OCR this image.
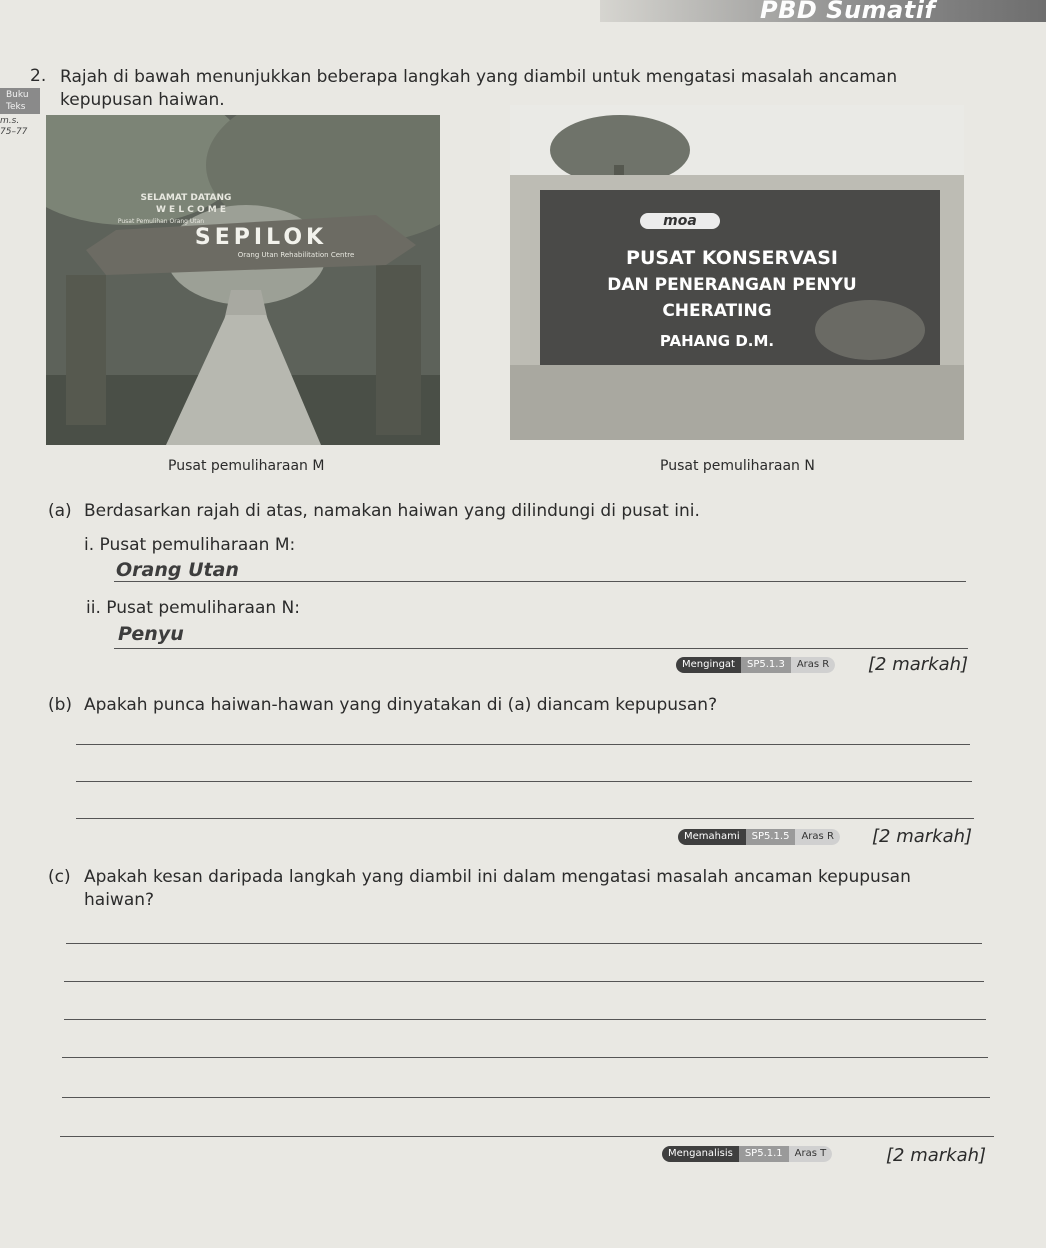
PBD Sumatif
Buku Teks
m.s.
75–77
2. Rajah di bawah menunjukkan beberapa langkah yang diambil untuk mengatasi masalah ancaman kepupusan haiwan.
SELAMAT DATANG
W E L C O M E
Pusat Pemulihan Orang Utan
SEPILOK
Orang Utan Rehabilitation Centre
moa
PUSAT KONSERVASI
DAN PENERANGAN PENYU
CHERATING
PAHANG D.M.
Pusat pemuliharaan M	Pusat pemuliharaan N
(a) Berdasarkan rajah di atas, namakan haiwan yang dilindungi di pusat ini.
i. Pusat pemuliharaan M:
Orang Utan
ii. Pusat pemuliharaan N:
Penyu
Mengingat	SP5.1.3	Aras R	[2 markah]
(b) Apakah punca haiwan-hawan yang dinyatakan di (a) diancam kepupusan?
Memahami	SP5.1.5	Aras R	[2 markah]
(c) Apakah kesan daripada langkah yang diambil ini dalam mengatasi masalah ancaman kepupusan haiwan?
Menganalisis	SP5.1.1	Aras T	[2 markah]
